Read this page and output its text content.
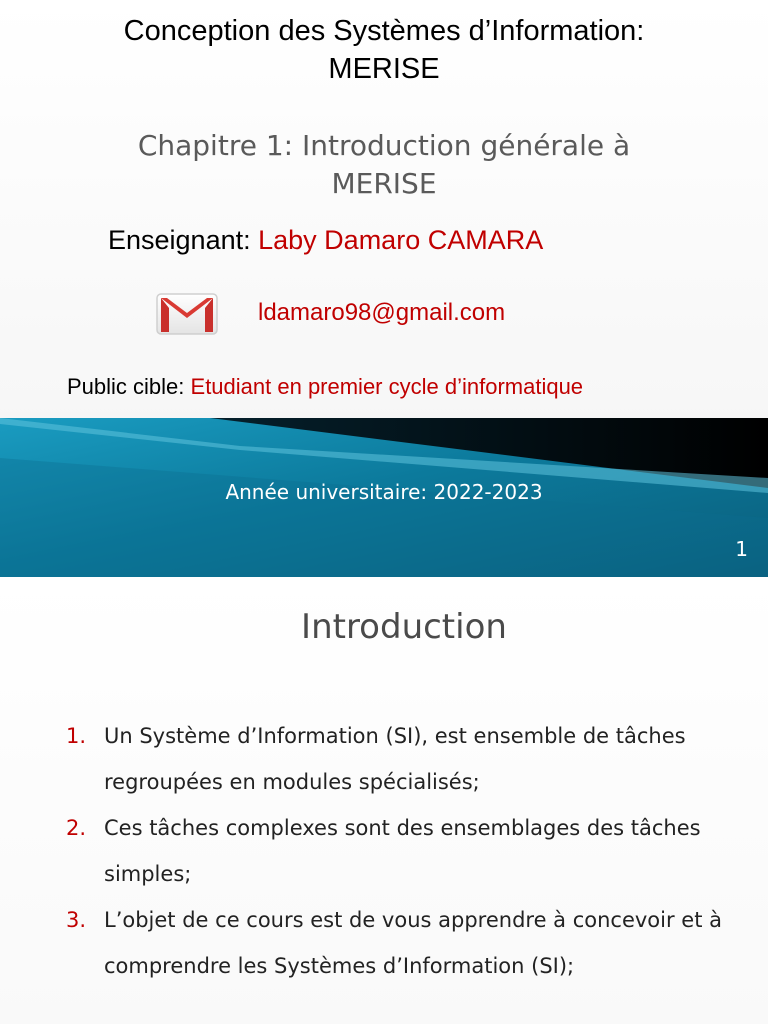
Conception des Systèmes d’Information:
MERISE
Chapitre 1: Introduction générale à
MERISE
Enseignant: Laby Damaro CAMARA
ldamaro98@gmail.com
Public cible: Etudiant en premier cycle d’informatique
Année universitaire: 2022-2023
1
Introduction
1. Un Système d’Information (SI), est ensemble de tâches regroupées en modules spécialisés;
2. Ces tâches complexes sont des ensemblages des tâches simples;
3. L’objet de ce cours est de vous apprendre à concevoir et à comprendre les Systèmes d’Information (SI);
